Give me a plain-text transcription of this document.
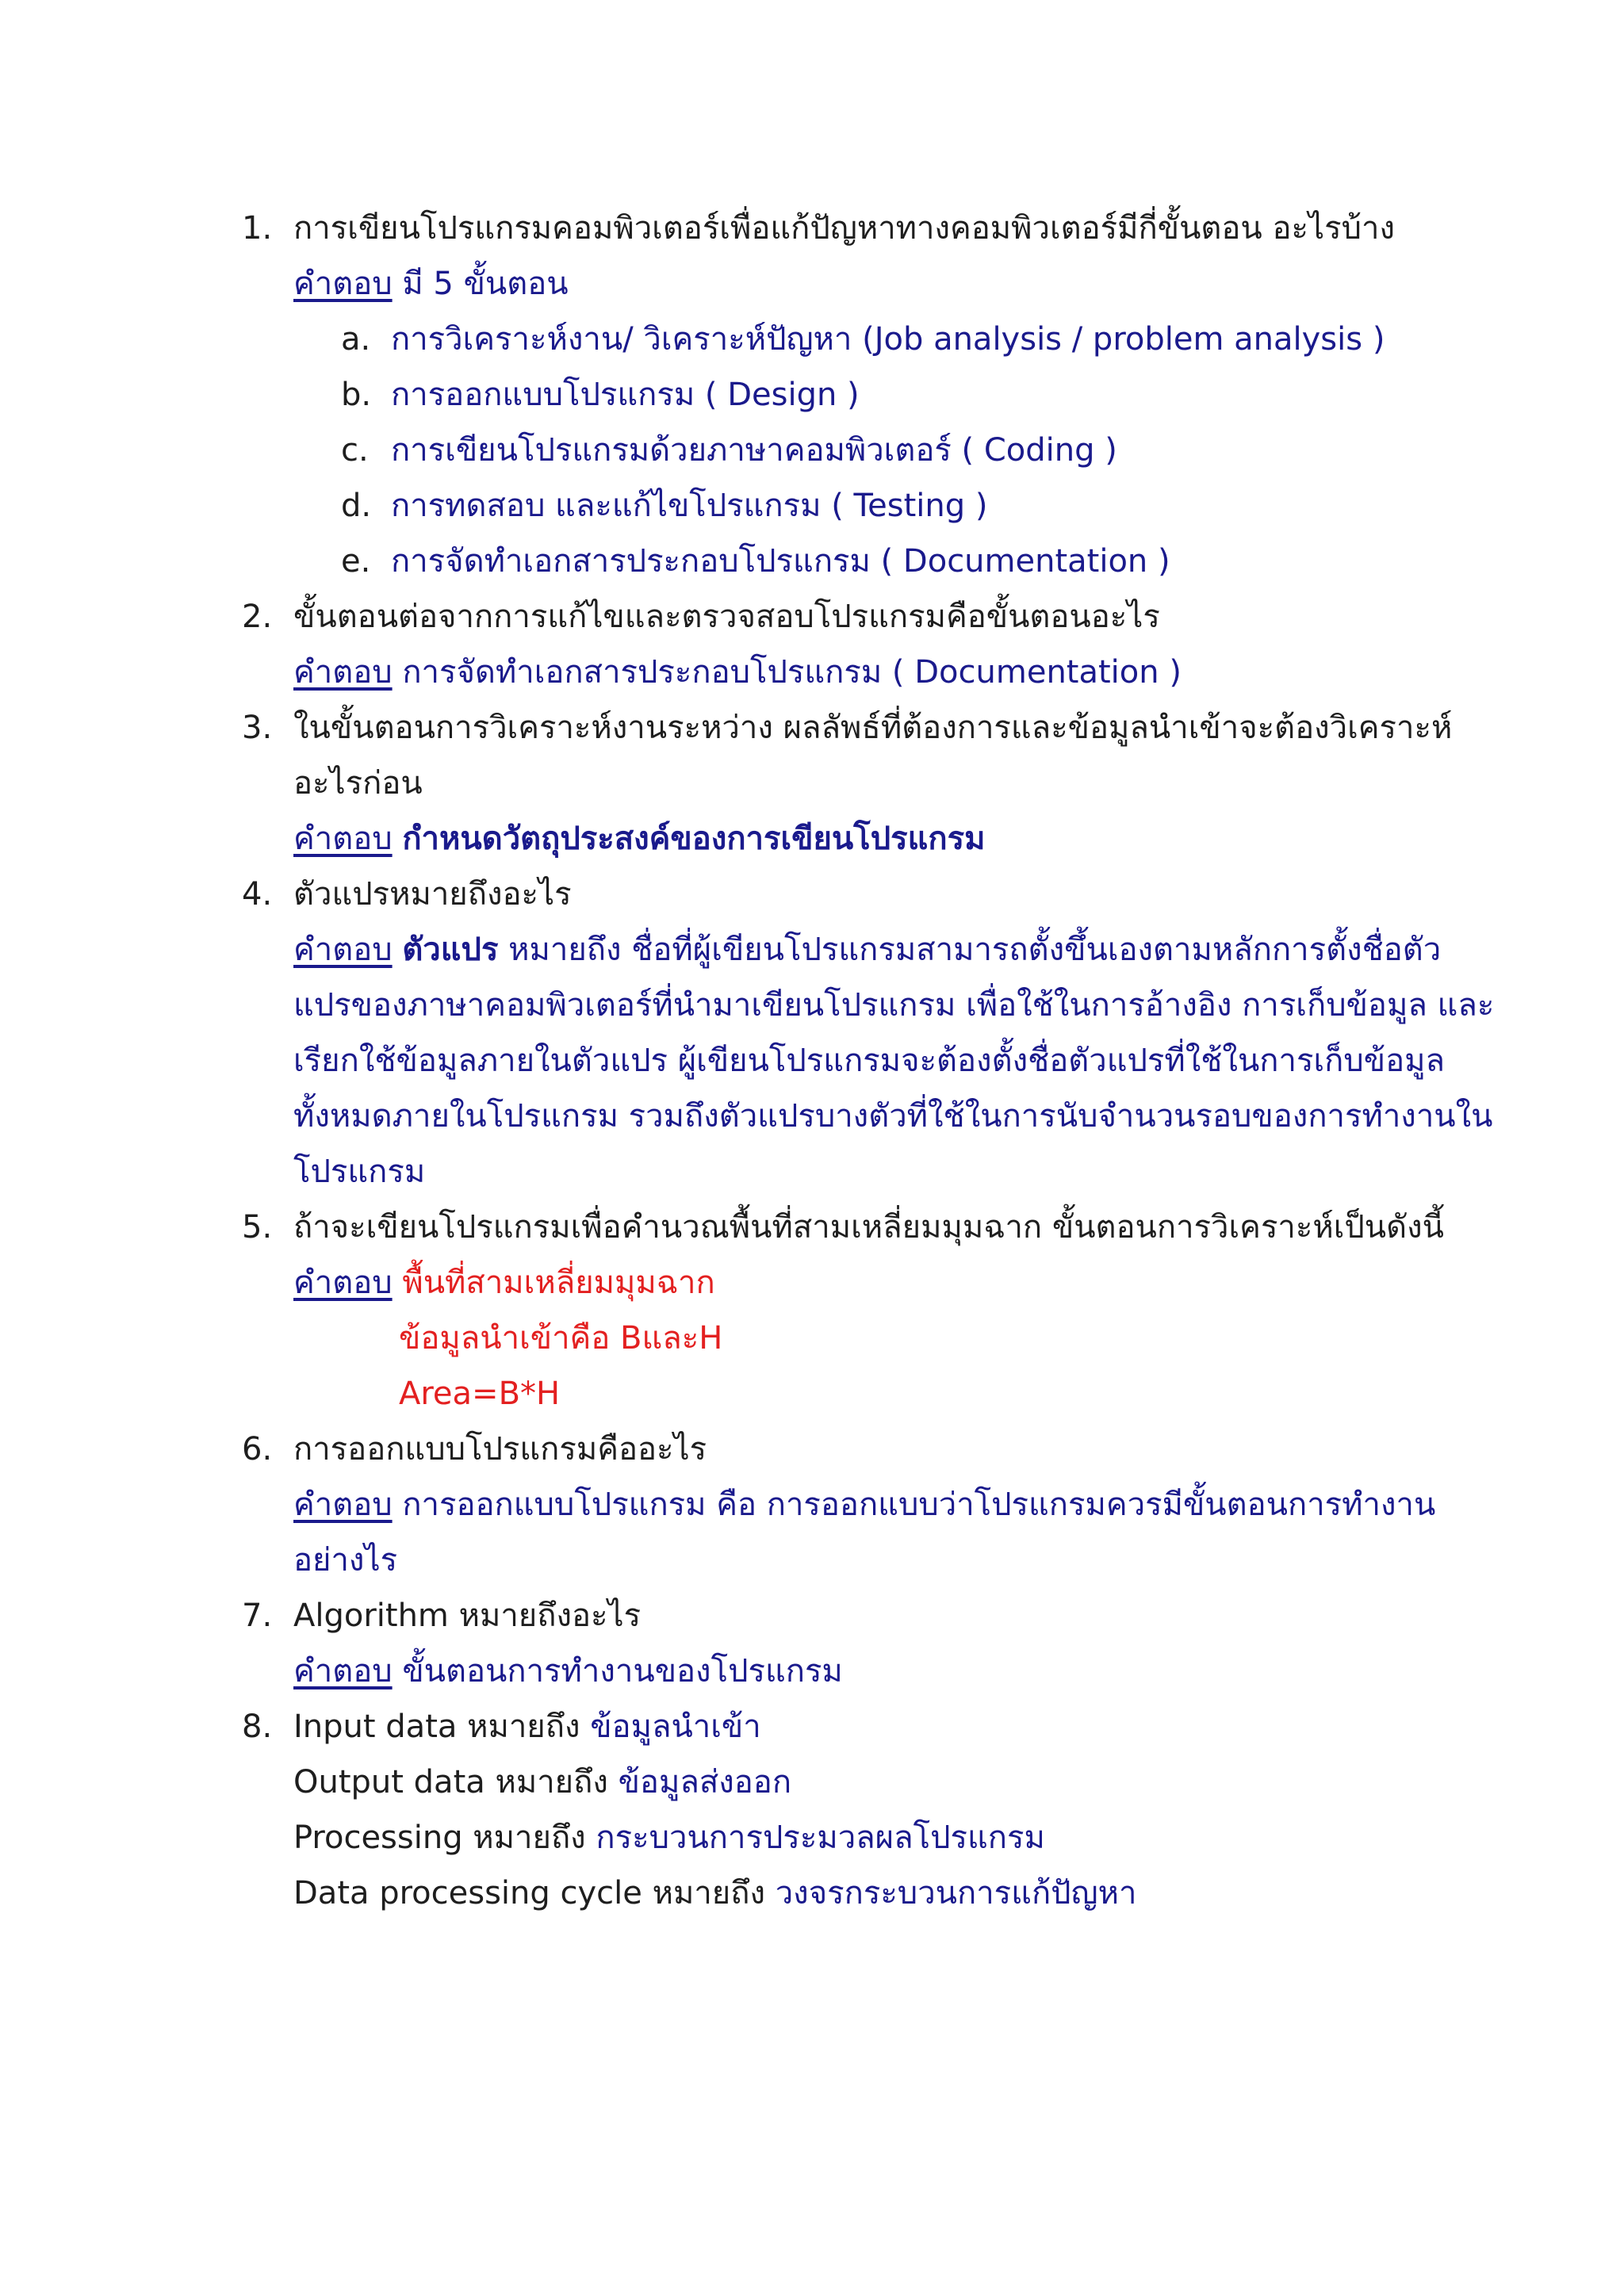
1. การเขียนโปรแกรมคอมพิวเตอร์เพื่อแก้ปัญหาทางคอมพิวเตอร์มีกี่ขั้นตอน อะไรบ้าง
คำตอบ มี 5 ขั้นตอน
a. การวิเคราะห์งาน/ วิเคราะห์ปัญหา (Job analysis / problem analysis )
b. การออกแบบโปรแกรม ( Design )
c. การเขียนโปรแกรมด้วยภาษาคอมพิวเตอร์ ( Coding )
d. การทดสอบ และแก้ไขโปรแกรม ( Testing )
e. การจัดทำเอกสารประกอบโปรแกรม ( Documentation )
2. ขั้นตอนต่อจากการแก้ไขและตรวจสอบโปรแกรมคือขั้นตอนอะไร
คำตอบ การจัดทำเอกสารประกอบโปรแกรม ( Documentation )
3. ในขั้นตอนการวิเคราะห์งานระหว่าง ผลลัพธ์ที่ต้องการและข้อมูลนำเข้าจะต้องวิเคราะห์
อะไรก่อน
คำตอบ กำหนดวัตถุประสงค์ของการเขียนโปรแกรม
4. ตัวแปรหมายถึงอะไร
คำตอบ ตัวแปร หมายถึง ชื่อที่ผู้เขียนโปรแกรมสามารถตั้งขึ้นเองตามหลักการตั้งชื่อตัว
แปรของภาษาคอมพิวเตอร์ที่นำมาเขียนโปรแกรม เพื่อใช้ในการอ้างอิง การเก็บข้อมูล และ
เรียกใช้ข้อมูลภายในตัวแปร ผู้เขียนโปรแกรมจะต้องตั้งชื่อตัวแปรที่ใช้ในการเก็บข้อมูล
ทั้งหมดภายในโปรแกรม รวมถึงตัวแปรบางตัวที่ใช้ในการนับจำนวนรอบของการทำงานใน
โปรแกรม
5. ถ้าจะเขียนโปรแกรมเพื่อคำนวณพื้นที่สามเหลี่ยมมุมฉาก ขั้นตอนการวิเคราะห์เป็นดังนี้
คำตอบ พื้นที่สามเหลี่ยมมุมฉาก
ข้อมูลนำเข้าคือ BและH
Area=B*H
6. การออกแบบโปรแกรมคืออะไร
คำตอบ การออกแบบโปรแกรม คือ การออกแบบว่าโปรแกรมควรมีขั้นตอนการทำงาน
อย่างไร
7. Algorithm หมายถึงอะไร
คำตอบ ขั้นตอนการทำงานของโปรแกรม
8. Input data หมายถึง ข้อมูลนำเข้า
Output data หมายถึง ข้อมูลส่งออก
Processing หมายถึง กระบวนการประมวลผลโปรแกรม
Data processing cycle หมายถึง วงจรกระบวนการแก้ปัญหา
